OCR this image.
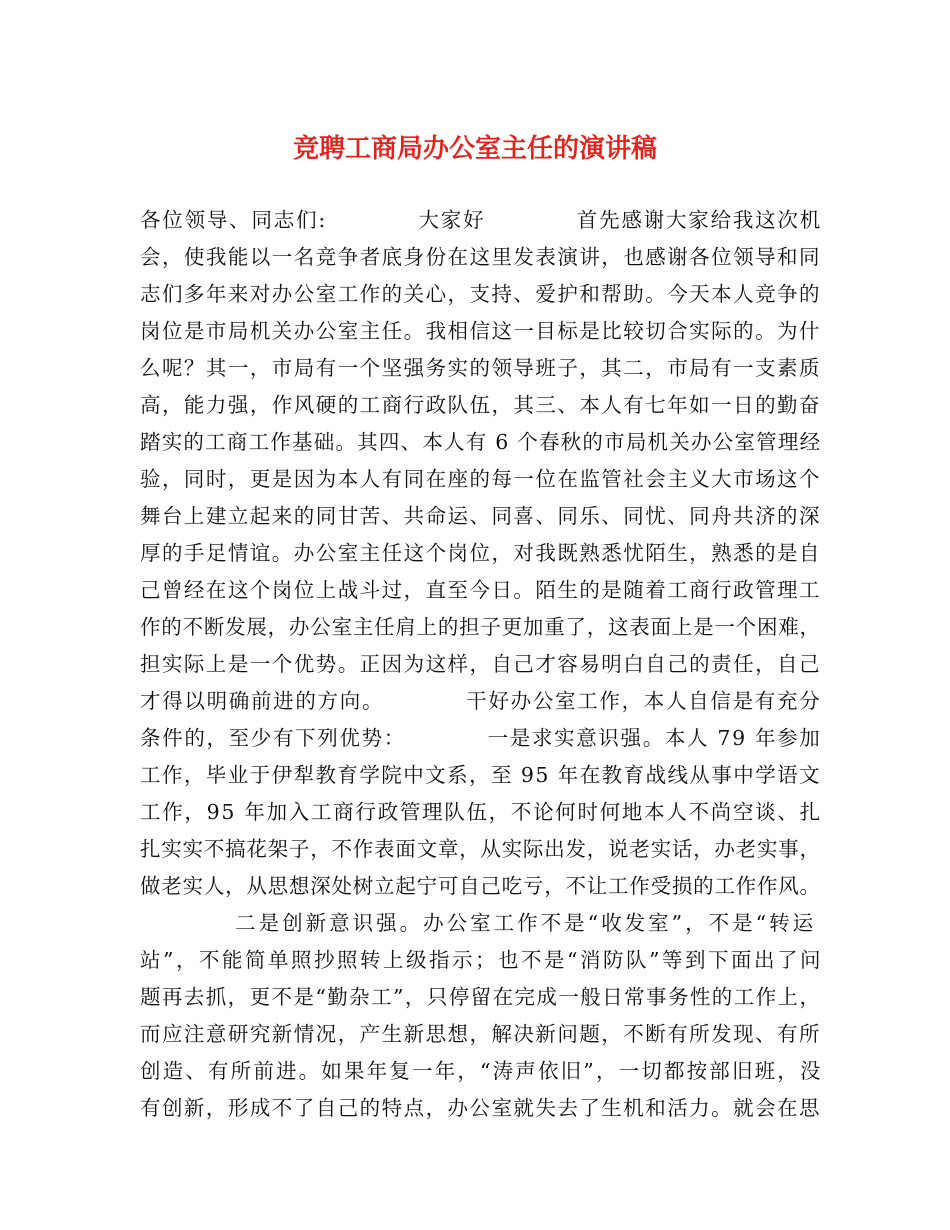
竞聘工商局办公室主任的演讲稿
各位领导、同志们:           大家好           首先感谢大家给我这次机
会，使我能以一名竞争者底身份在这里发表演讲，也感谢各位领导和同
志们多年来对办公室工作的关心，支持、爱护和帮助。今天本人竞争的
岗位是市局机关办公室主任。我相信这一目标是比较切合实际的。为什
么呢？其一，市局有一个坚强务实的领导班子，其二，市局有一支素质
高，能力强，作风硬的工商行政队伍，其三、本人有七年如一日的勤奋
踏实的工商工作基础。其四、本人有 6 个春秋的市局机关办公室管理经
验，同时，更是因为本人有同在座的每一位在监管社会主义大市场这个
舞台上建立起来的同甘苦、共命运、同喜、同乐、同忧、同舟共济的深
厚的手足情谊。办公室主任这个岗位，对我既熟悉忧陌生，熟悉的是自
己曾经在这个岗位上战斗过，直至今日。陌生的是随着工商行政管理工
作的不断发展，办公室主任肩上的担子更加重了，这表面上是一个困难，
担实际上是一个优势。正因为这样，自己才容易明白自己的责任，自己
才得以明确前进的方向。          干好办公室工作，本人自信是有充分
条件的，至少有下列优势：          一是求实意识强。本人 79 年参加
工作，毕业于伊犁教育学院中文系，至 95 年在教育战线从事中学语文
工作，95 年加入工商行政管理队伍，不论何时何地本人不尚空谈、扎
扎实实不搞花架子，不作表面文章，从实际出发，说老实话，办老实事，
做老实人，从思想深处树立起宁可自己吃亏，不让工作受损的工作作风。
二是创新意识强。办公室工作不是“收发室”，不是“转运
站”，不能简单照抄照转上级指示；也不是“消防队”等到下面出了问
题再去抓，更不是“勤杂工”，只停留在完成一般日常事务性的工作上，
而应注意研究新情况，产生新思想，解决新问题，不断有所发现、有所
创造、有所前进。如果年复一年，“涛声依旧”，一切都按部旧班，没
有创新，形成不了自己的特点，办公室就失去了生机和活力。就会在思
